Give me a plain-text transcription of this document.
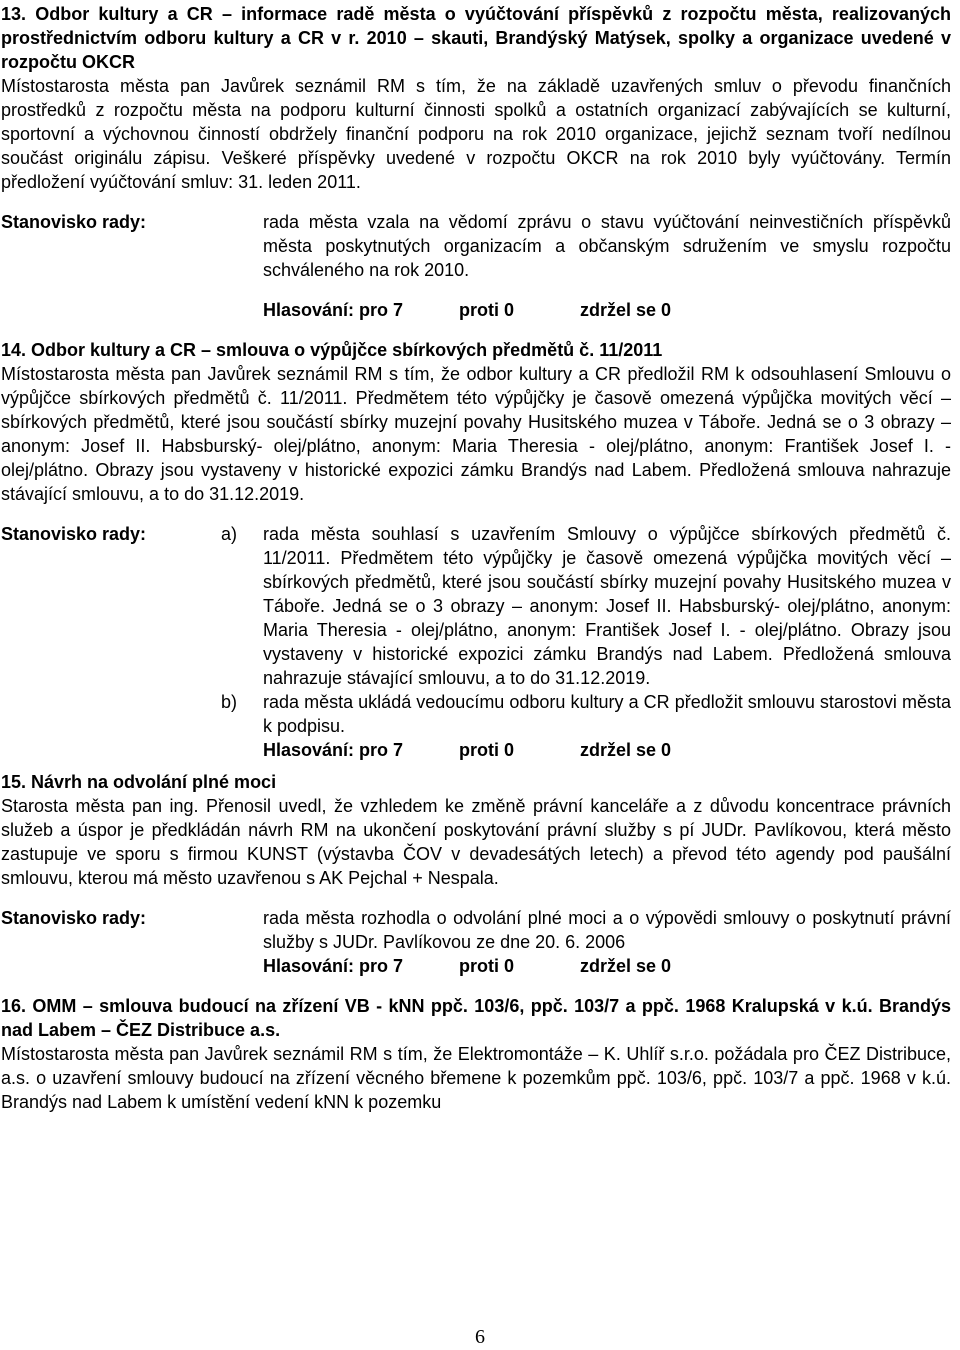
13. Odbor kultury a CR – informace radě města o vyúčtování příspěvků z rozpočtu města, realizovaných prostřednictvím odboru kultury a CR v r. 2010 – skauti, Brandýský Matýsek, spolky a organizace uvedené v rozpočtu OKCR
Místostarosta města pan Javůrek seznámil RM s tím, že na základě uzavřených smluv o převodu finančních prostředků z rozpočtu města na podporu kulturní činnosti spolků a ostatních organizací zabývajících se kulturní, sportovní a výchovnou činností obdržely finanční podporu na rok 2010 organizace, jejichž seznam tvoří nedílnou součást originálu zápisu. Veškeré příspěvky uvedené v rozpočtu OKCR na rok 2010 byly vyúčtovány. Termín předložení vyúčtování smluv: 31. leden 2011.
Stanovisko rady:	rada města vzala na vědomí zprávu o stavu vyúčtování neinvestičních příspěvků města poskytnutých organizacím a občanským sdružením ve smyslu rozpočtu schváleného na rok 2010.
Hlasování: pro 7	proti 0	zdržel se 0
14. Odbor kultury a CR – smlouva o výpůjčce sbírkových předmětů č. 11/2011
Místostarosta města pan Javůrek seznámil RM s tím, že odbor kultury a CR předložil RM k odsouhlasení Smlouvu o výpůjčce sbírkových předmětů č. 11/2011. Předmětem této výpůjčky je časově omezená výpůjčka movitých věcí – sbírkových předmětů, které jsou součástí sbírky muzejní povahy Husitského muzea v Táboře. Jedná se o 3 obrazy – anonym: Josef II. Habsburský- olej/plátno, anonym: Maria Theresia - olej/plátno, anonym: František Josef I. - olej/plátno. Obrazy jsou vystaveny v historické expozici zámku Brandýs nad Labem. Předložená smlouva nahrazuje stávající smlouvu, a to do 31.12.2019.
Stanovisko rady:	a)	rada města souhlasí s uzavřením Smlouvy o výpůjčce sbírkových předmětů č. 11/2011. Předmětem této výpůjčky je časově omezená výpůjčka movitých věcí – sbírkových předmětů, které jsou součástí sbírky muzejní povahy Husitského muzea v Táboře. Jedná se o 3 obrazy – anonym: Josef II. Habsburský- olej/plátno, anonym: Maria Theresia - olej/plátno, anonym: František Josef I. - olej/plátno. Obrazy jsou vystaveny v historické expozici zámku Brandýs nad Labem. Předložená smlouva nahrazuje stávající smlouvu, a to do 31.12.2019.
b)	rada města ukládá vedoucímu odboru kultury a CR předložit smlouvu starostovi města k podpisu.
Hlasování: pro 7	proti 0	zdržel se 0
15. Návrh na odvolání plné moci
Starosta města pan ing. Přenosil uvedl, že vzhledem ke změně právní kanceláře a z důvodu koncentrace právních služeb a úspor je předkládán návrh RM na ukončení poskytování právní služby s pí JUDr. Pavlíkovou, která město zastupuje ve sporu s firmou KUNST (výstavba ČOV v devadesátých letech) a převod této agendy pod paušální smlouvu, kterou má město uzavřenou s AK Pejchal + Nespala.
Stanovisko rady:	rada města rozhodla o odvolání plné moci a o výpovědi smlouvy o poskytnutí právní služby s JUDr. Pavlíkovou ze dne 20. 6. 2006
Hlasování: pro 7	proti 0	zdržel se 0
16. OMM – smlouva budoucí na zřízení VB - kNN ppč. 103/6, ppč. 103/7 a ppč. 1968 Kralupská v k.ú. Brandýs nad Labem – ČEZ Distribuce a.s.
Místostarosta města pan Javůrek seznámil RM s tím, že Elektromontáže – K. Uhlíř s.r.o. požádala pro ČEZ Distribuce, a.s. o uzavření smlouvy budoucí na zřízení věcného břemene k pozemkům ppč. 103/6, ppč. 103/7 a ppč. 1968 v k.ú. Brandýs nad Labem k umístění vedení kNN k pozemku
6
